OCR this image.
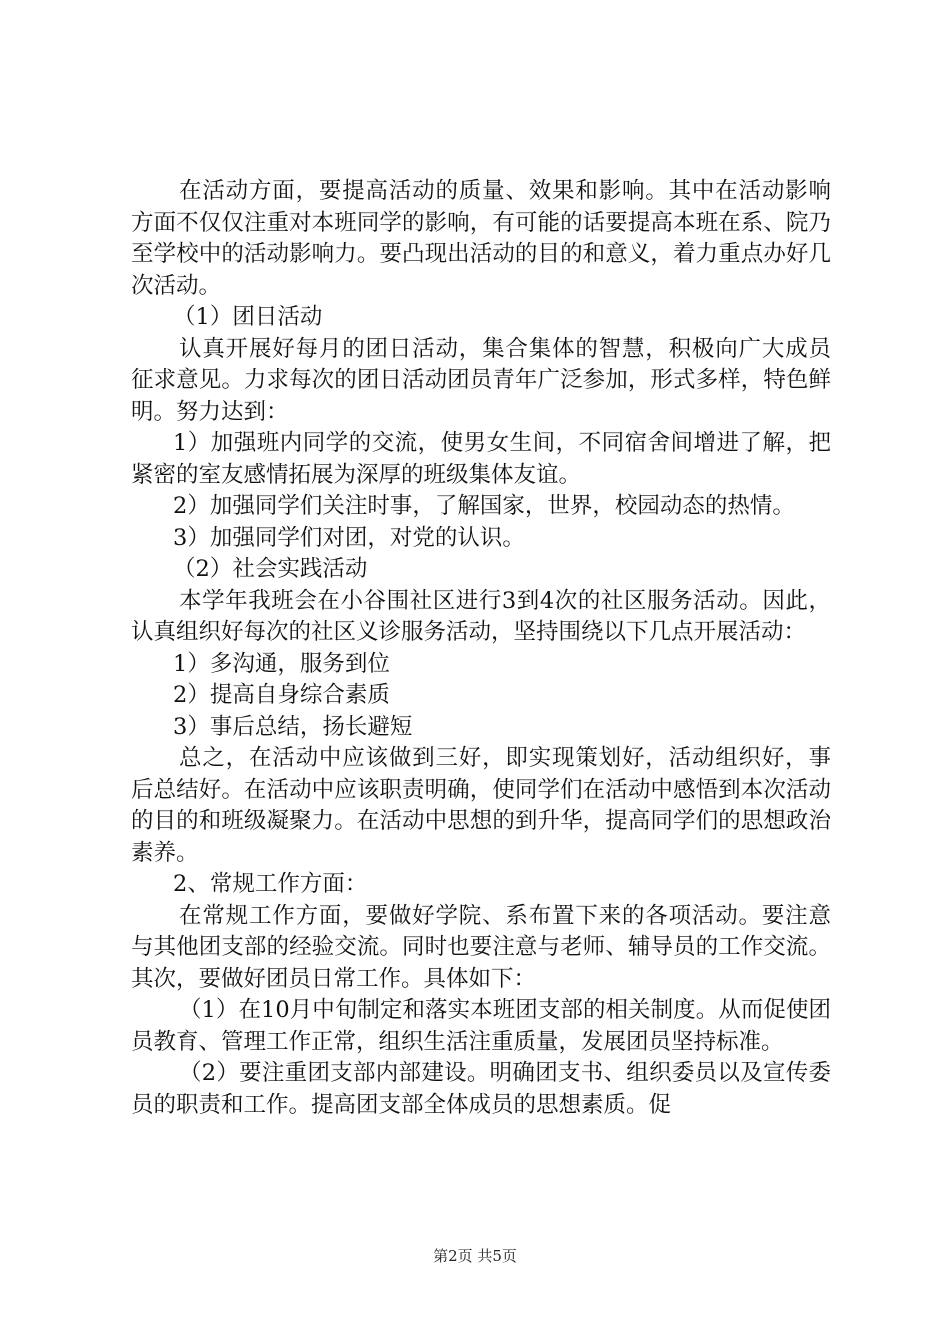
在活动方面，要提高活动的质量、效果和影响。其中在活动影响方面不仅仅注重对本班同学的影响，有可能的话要提高本班在系、院乃至学校中的活动影响力。要凸现出活动的目的和意义，着力重点办好几次活动。

（1）团日活动

认真开展好每月的团日活动，集合集体的智慧，积极向广大成员征求意见。力求每次的团日活动团员青年广泛参加，形式多样，特色鲜明。努力达到：

1）加强班内同学的交流，使男女生间，不同宿舍间增进了解，把紧密的室友感情拓展为深厚的班级集体友谊。

2）加强同学们关注时事，了解国家，世界，校园动态的热情。

3）加强同学们对团，对党的认识。

（2）社会实践活动

本学年我班会在小谷围社区进行3到4次的社区服务活动。因此，认真组织好每次的社区义诊服务活动，坚持围绕以下几点开展活动：

1）多沟通，服务到位

2）提高自身综合素质

3）事后总结，扬长避短

总之，在活动中应该做到三好，即实现策划好，活动组织好，事后总结好。在活动中应该职责明确，使同学们在活动中感悟到本次活动的目的和班级凝聚力。在活动中思想的到升华，提高同学们的思想政治素养。

2、常规工作方面：

在常规工作方面，要做好学院、系布置下来的各项活动。要注意与其他团支部的经验交流。同时也要注意与老师、辅导员的工作交流。其次，要做好团员日常工作。具体如下：

（1）在10月中旬制定和落实本班团支部的相关制度。从而促使团员教育、管理工作正常，组织生活注重质量，发展团员坚持标准。

（2）要注重团支部内部建设。明确团支书、组织委员以及宣传委员的职责和工作。提高团支部全体成员的思想素质。促

第2页 共5页
